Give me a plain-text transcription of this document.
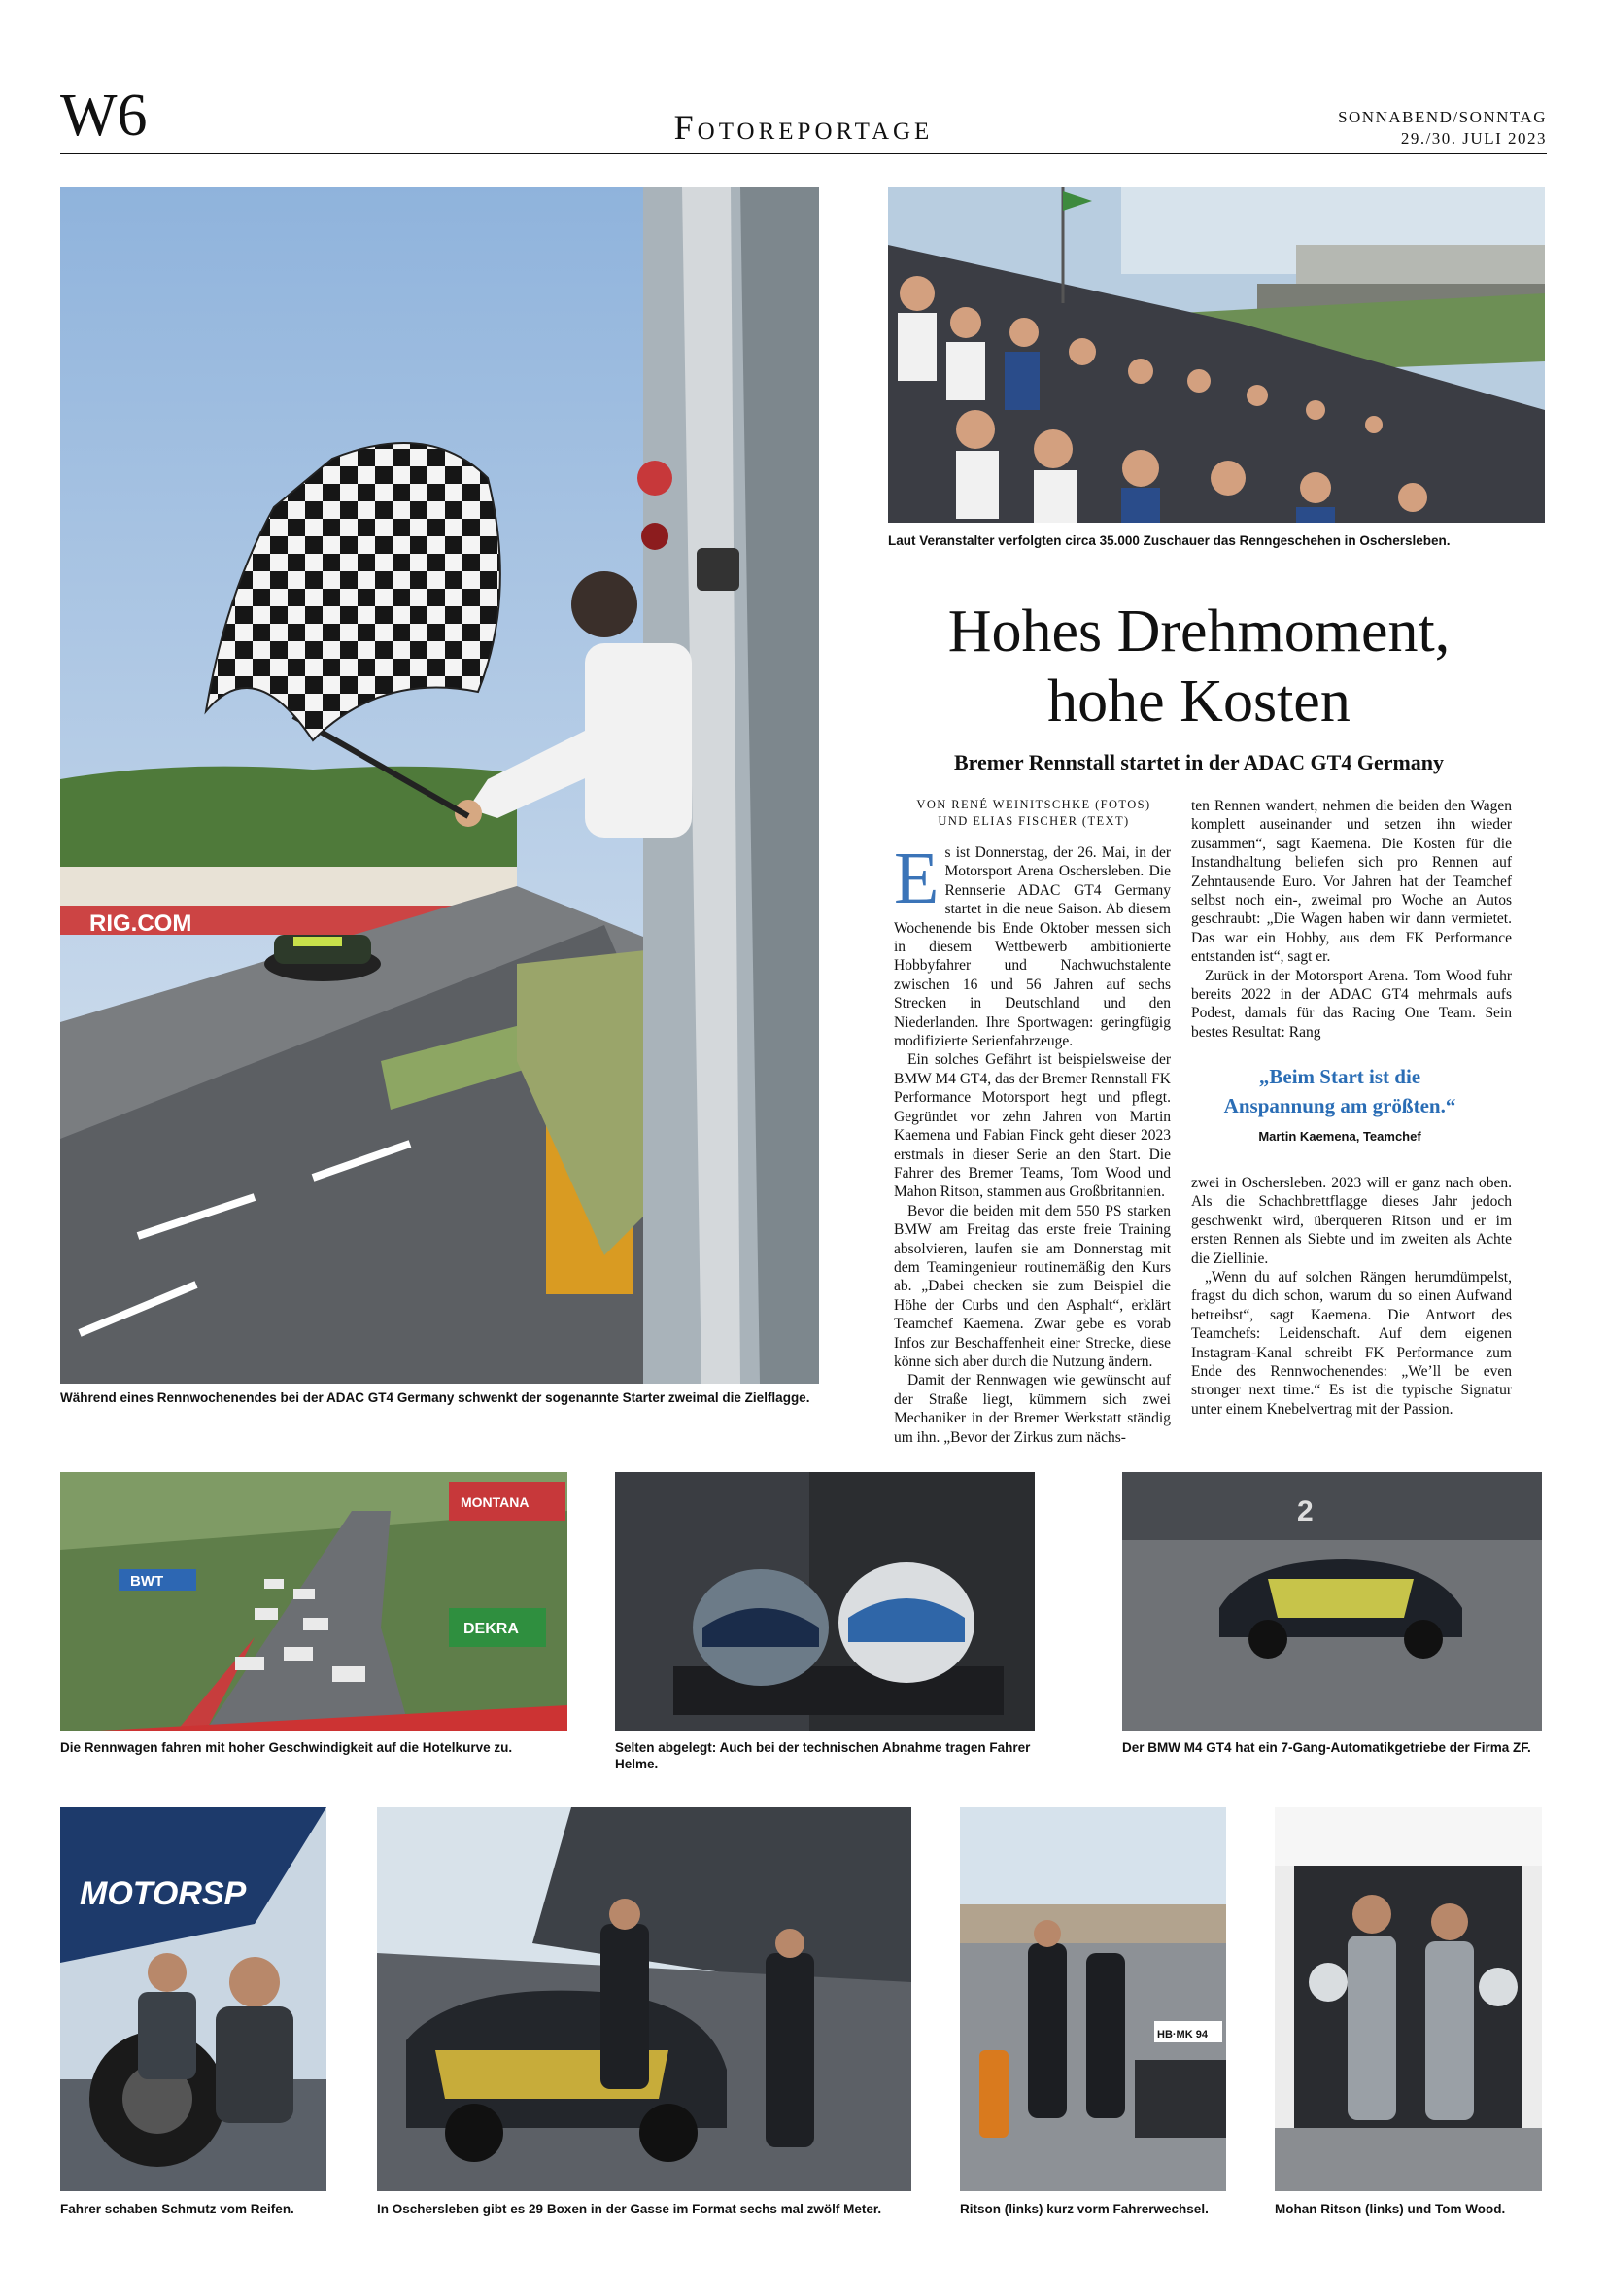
W6	Fotoreportage	SONNABEND/SONNTAG
29./30. JULI 2023
RIG.COM
Während eines Rennwochenendes bei der ADAC GT4 Germany schwenkt der sogenannte Starter zweimal die Zielflagge.
Laut Veranstalter verfolgten circa 35.000 Zuschauer das Renngeschehen in Oschersleben.
Hohes Drehmoment,
hohe Kosten
Bremer Rennstall startet in der ADAC GT4 Germany
VON RENÉ WEINITSCHKE (FOTOS)
UND ELIAS FISCHER (TEXT)

Es ist Donnerstag, der 26. Mai, in der Motorsport Arena Oschersleben. Die Rennserie ADAC GT4 Germany startet in die neue Saison. Ab diesem Wochenende bis Ende Oktober messen sich in diesem Wettbewerb ambitionierte Hobbyfahrer und Nachwuchstalente zwischen 16 und 56 Jahren auf sechs Strecken in Deutschland und den Niederlanden. Ihre Sportwagen: geringfügig modifizierte Serienfahrzeuge.

Ein solches Gefährt ist beispielsweise der BMW M4 GT4, das der Bremer Rennstall FK Performance Motorsport hegt und pflegt. Gegründet vor zehn Jahren von Martin Kaemena und Fabian Finck geht dieser 2023 erstmals in dieser Serie an den Start. Die Fahrer des Bremer Teams, Tom Wood und Mahon Ritson, stammen aus Großbritannien.

Bevor die beiden mit dem 550 PS starken BMW am Freitag das erste freie Training absolvieren, laufen sie am Donnerstag mit dem Teamingenieur routinemäßig den Kurs ab. „Dabei checken sie zum Beispiel die Höhe der Curbs und den Asphalt“, erklärt Teamchef Kaemena. Zwar gebe es vorab Infos zur Beschaffenheit einer Strecke, diese könne sich aber durch die Nutzung ändern.

Damit der Rennwagen wie gewünscht auf der Straße liegt, kümmern sich zwei Mechaniker in der Bremer Werkstatt ständig um ihn. „Bevor der Zirkus zum nächs-

ten Rennen wandert, nehmen die beiden den Wagen komplett auseinander und setzen ihn wieder zusammen“, sagt Kaemena. Die Kosten für die Instandhaltung beliefen sich pro Rennen auf Zehntausende Euro. Vor Jahren hat der Teamchef selbst noch ein-, zweimal pro Woche an Autos geschraubt: „Die Wagen haben wir dann vermietet. Das war ein Hobby, aus dem FK Performance entstanden ist“, sagt er.

Zurück in der Motorsport Arena. Tom Wood fuhr bereits 2022 in der ADAC GT4 mehrmals aufs Podest, damals für das Racing One Team. Sein bestes Resultat: Rang

„Beim Start ist die
Anspannung am größten.“
Martin Kaemena, Teamchef

zwei in Oschersleben. 2023 will er ganz nach oben. Als die Schachbrettflagge dieses Jahr jedoch geschwenkt wird, überqueren Ritson und er im ersten Rennen als Siebte und im zweiten als Achte die Ziellinie.

„Wenn du auf solchen Rängen herumdümpelst, fragst du dich schon, warum du so einen Aufwand betreibst“, sagt Kaemena. Die Antwort des Teamchefs: Leidenschaft. Auf dem eigenen Instagram-Kanal schreibt FK Performance zum Ende des Rennwochenendes: „We’ll be even stronger next time.“ Es ist die typische Signatur unter einem Knebelvertrag mit der Passion.

BWT
MONTANA
DEKRA
Die Rennwagen fahren mit hoher Geschwindigkeit auf die Hotelkurve zu.	Selten abgelegt: Auch bei der technischen Abnahme tragen Fahrer Helme.
2
Der BMW M4 GT4 hat ein 7-Gang-Automatikgetriebe der Firma ZF.
MOTORSP
Fahrer schaben Schmutz vom Reifen.	In Oschersleben gibt es 29 Boxen in der Gasse im Format sechs mal zwölf Meter.
HB·MK 94
Ritson (links) kurz vorm Fahrerwechsel.	Mohan Ritson (links) und Tom Wood.
